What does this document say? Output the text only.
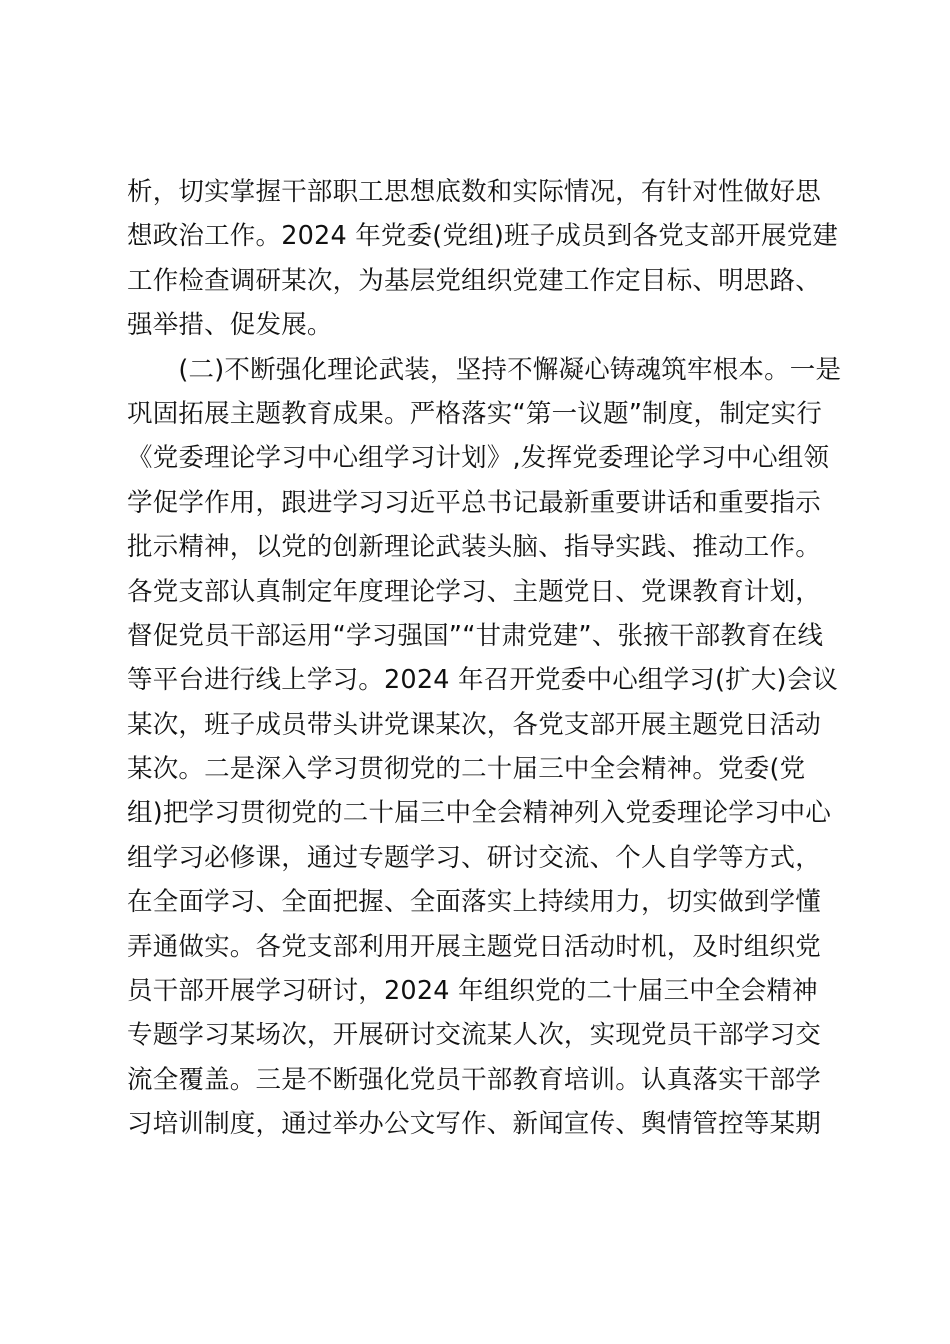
析，切实掌握干部职工思想底数和实际情况，有针对性做好思
想政治工作。2024 年党委(党组)班子成员到各党支部开展党建
工作检查调研某次，为基层党组织党建工作定目标、明思路、
强举措、促发展。
　　(二)不断强化理论武装，坚持不懈凝心铸魂筑牢根本。一是
巩固拓展主题教育成果。严格落实“第一议题”制度，制定实行
《党委理论学习中心组学习计划》,发挥党委理论学习中心组领
学促学作用，跟进学习习近平总书记最新重要讲话和重要指示
批示精神，以党的创新理论武装头脑、指导实践、推动工作。
各党支部认真制定年度理论学习、主题党日、党课教育计划，
督促党员干部运用“学习强国”“甘肃党建”、张掖干部教育在线
等平台进行线上学习。2024 年召开党委中心组学习(扩大)会议
某次，班子成员带头讲党课某次，各党支部开展主题党日活动
某次。二是深入学习贯彻党的二十届三中全会精神。党委(党
组)把学习贯彻党的二十届三中全会精神列入党委理论学习中心
组学习必修课，通过专题学习、研讨交流、个人自学等方式，
在全面学习、全面把握、全面落实上持续用力，切实做到学懂
弄通做实。各党支部利用开展主题党日活动时机，及时组织党
员干部开展学习研讨，2024 年组织党的二十届三中全会精神
专题学习某场次，开展研讨交流某人次，实现党员干部学习交
流全覆盖。三是不断强化党员干部教育培训。认真落实干部学
习培训制度，通过举办公文写作、新闻宣传、舆情管控等某期
